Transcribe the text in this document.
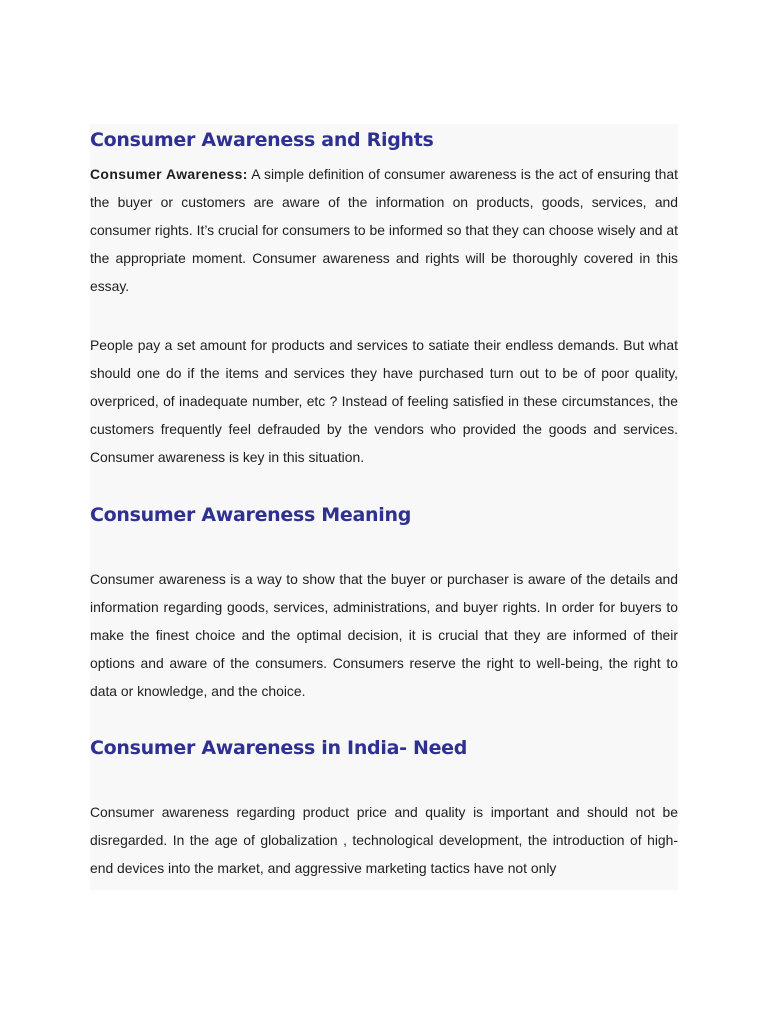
Consumer Awareness and Rights

Consumer Awareness: A simple definition of consumer awareness is the act of ensuring that the buyer or customers are aware of the information on products, goods, services, and consumer rights. It’s crucial for consumers to be informed so that they can choose wisely and at the appropriate moment. Consumer awareness and rights will be thoroughly covered in this essay.

People pay a set amount for products and services to satiate their endless demands. But what should one do if the items and services they have purchased turn out to be of poor quality, overpriced, of inadequate number, etc ? Instead of feeling satisfied in these circumstances, the customers frequently feel defrauded by the vendors who provided the goods and services. Consumer awareness is key in this situation.

Consumer Awareness Meaning

Consumer awareness is a way to show that the buyer or purchaser is aware of the details and information regarding goods, services, administrations, and buyer rights. In order for buyers to make the finest choice and the optimal decision, it is crucial that they are informed of their options and aware of the consumers. Consumers reserve the right to well-being, the right to data or knowledge, and the choice.

Consumer Awareness in India- Need

Consumer awareness regarding product price and quality is important and should not be disregarded. In the age of globalization , technological development, the introduction of high-end devices into the market, and aggressive marketing tactics have not only
